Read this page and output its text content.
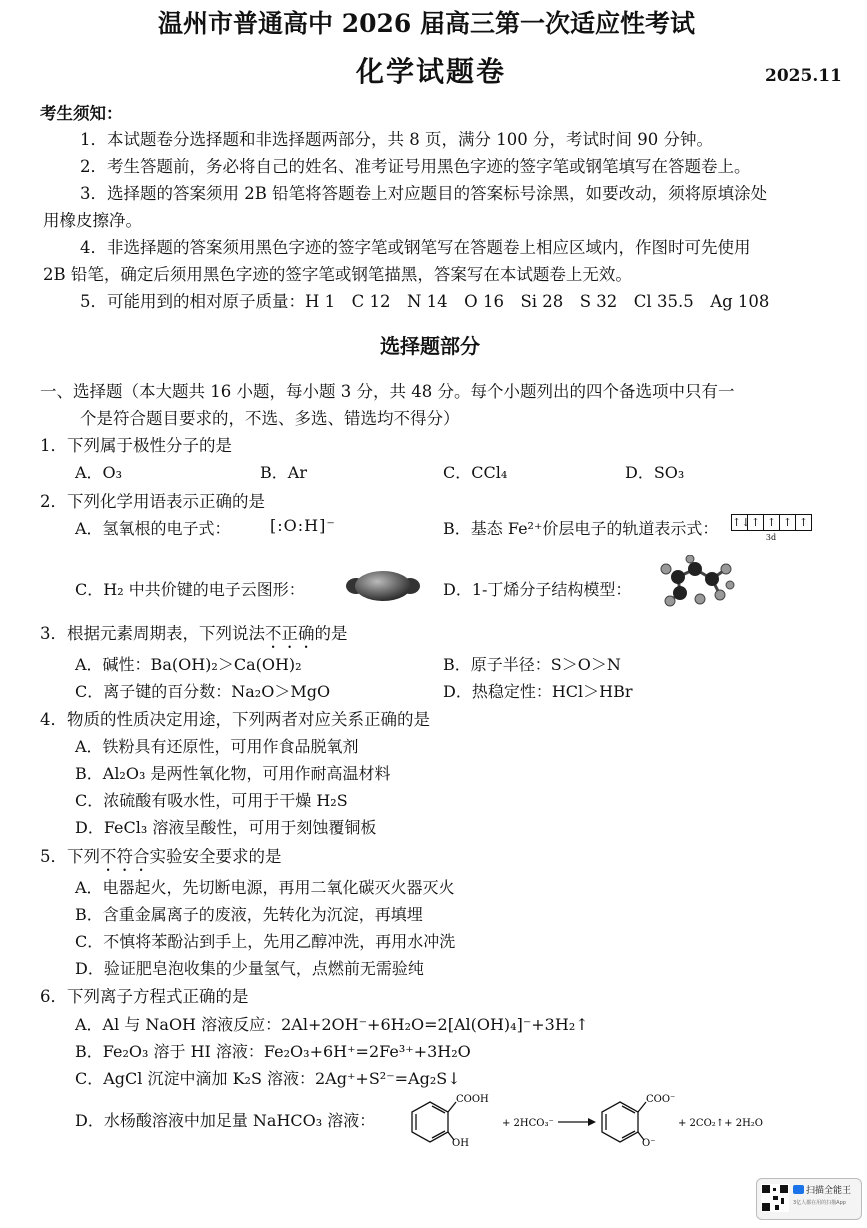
温州市普通高中 2026 届高三第一次适应性考试
化学试题卷	2025.11
考生须知：
1．本试题卷分选择题和非选择题两部分，共 8 页，满分 100 分，考试时间 90 分钟。
2．考生答题前，务必将自己的姓名、准考证号用黑色字迹的签字笔或钢笔填写在答题卷上。
3．选择题的答案须用 2B 铅笔将答题卷上对应题目的答案标号涂黑，如要改动，须将原填涂处
用橡皮擦净。
4．非选择题的答案须用黑色字迹的签字笔或钢笔写在答题卷上相应区域内，作图时可先使用
2B 铅笔，确定后须用黑色字迹的签字笔或钢笔描黑，答案写在本试题卷上无效。
5．可能用到的相对原子质量：H 1　C 12　N 14　O 16　Si 28　S 32　Cl 35.5　Ag 108
选择题部分
一、选择题（本大题共 16 小题，每小题 3 分，共 48 分。每个小题列出的四个备选项中只有一
个是符合题目要求的，不选、多选、错选均不得分）
1．下列属于极性分子的是
A．O₃	B．Ar	C．CCl₄	D．SO₃
2．下列化学用语表示正确的是
A．氢氧根的电子式： [:O:H]⁻	B．基态 Fe²⁺价层电子的轨道表示式： ↑↓↑ ↑ ↑ ↑
3d
C．H₂ 中共价键的电子云图形：	D．1-丁烯分子结构模型：
3．根据元素周期表，下列说法不正确的是
A．碱性：Ba(OH)₂＞Ca(OH)₂	B．原子半径：S＞O＞N
C．离子键的百分数：Na₂O＞MgO	D．热稳定性：HCl＞HBr
4．物质的性质决定用途，下列两者对应关系正确的是
A．铁粉具有还原性，可用作食品脱氧剂
B．Al₂O₃ 是两性氧化物，可用作耐高温材料
C．浓硫酸有吸水性，可用于干燥 H₂S
D．FeCl₃ 溶液呈酸性，可用于刻蚀覆铜板
5．下列不符合实验安全要求的是
A．电器起火，先切断电源，再用二氧化碳灭火器灭火
B．含重金属离子的废液，先转化为沉淀，再填埋
C．不慎将苯酚沾到手上，先用乙醇冲洗，再用水冲洗
D．验证肥皂泡收集的少量氢气，点燃前无需验纯
6．下列离子方程式正确的是
A．Al 与 NaOH 溶液反应：2Al+2OH⁻+6H₂O=2[Al(OH)₄]⁻+3H₂↑
B．Fe₂O₃ 溶于 HI 溶液：Fe₂O₃+6H⁺=2Fe³⁺+3H₂O
C．AgCl 沉淀中滴加 K₂S 溶液：2Ag⁺+S²⁻=Ag₂S↓
D．水杨酸溶液中加足量 NaHCO₃ 溶液：
COOH
OH
+ 2HCO₃⁻
COO⁻
O⁻
+ 2CO₂↑+ 2H₂O
扫描全能王
3亿人都在用的扫描App
